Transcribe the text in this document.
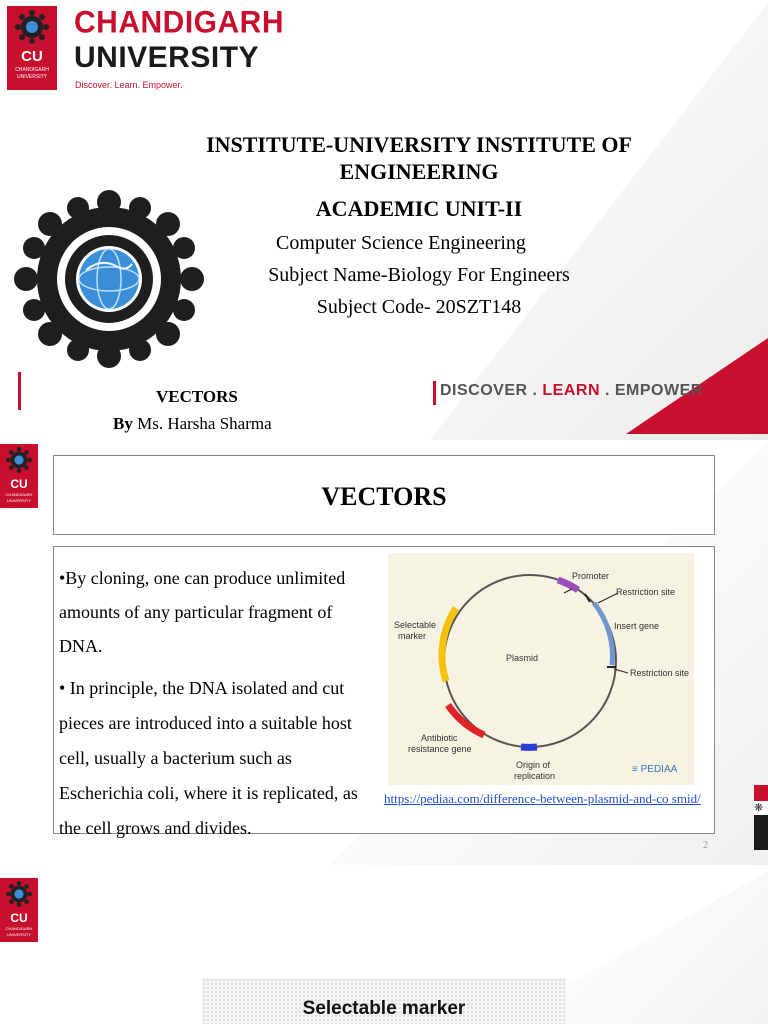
CU
CHANDIGARH
UNIVERSITY
CHANDIGARH
UNIVERSITY
Discover. Learn. Empower.
INSTITUTE-UNIVERSITY INSTITUTE OF
ENGINEERING
ACADEMIC UNIT-II
Computer Science Engineering
Subject Name-Biology For Engineers
Subject Code- 20SZT148
VECTORS
By Ms. Harsha Sharma
DISCOVER . LEARN . EMPOWER
CU
CHANDIGARH
UNIVERSITY	VECTORS
•By cloning, one can produce unlimited amounts of any particular fragment of DNA.
• In principle, the DNA isolated and cut pieces are introduced into a suitable host cell, usually a bacterium such as Escherichia coli, where it is replicated, as the cell grows and divides.
Plasmid
Promoter
Restriction site
Insert gene
Restriction site
Selectable
marker
Antibiotic
resistance gene
Origin of
replication
≡ PEDIAA
https://pediaa.com/difference-between-plasmid-and-co smid/
2
❋
CU
CHANDIGARH
UNIVERSITY
Selectable marker
